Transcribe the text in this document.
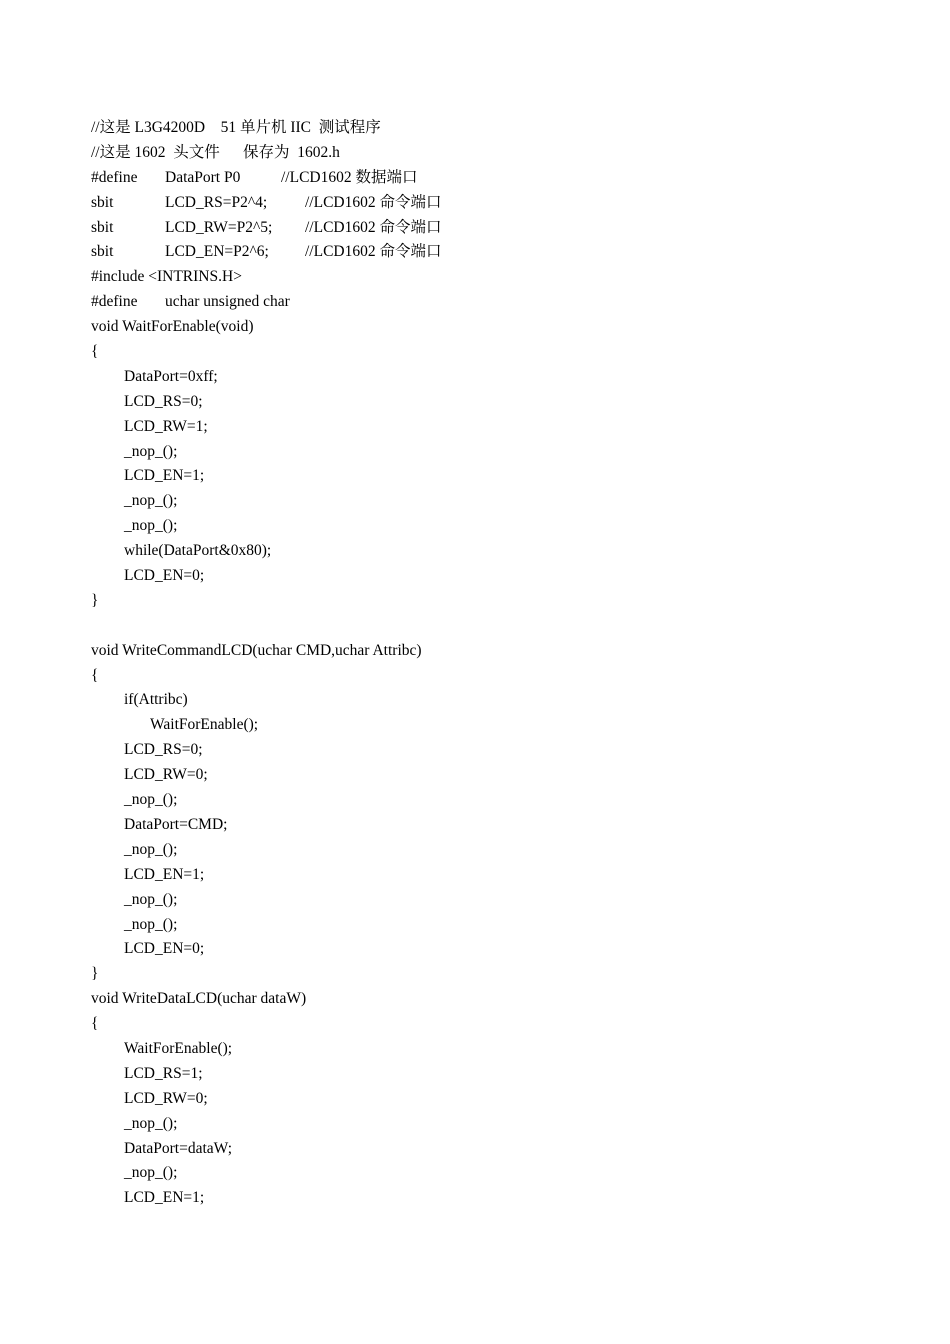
//这是 L3G4200D    51 单片机 IIC  测试程序
//这是 1602  头文件      保存为  1602.h
#define DataPort P0	//LCD1602 数据端口
sbit	LCD_RS=P2^4; //LCD1602 命令端口
sbit	LCD_RW=P2^5; //LCD1602 命令端口
sbit	LCD_EN=P2^6; //LCD1602 命令端口
#include <INTRINS.H>
#define uchar unsigned char
void WaitForEnable(void)
{
DataPort=0xff;
LCD_RS=0;
LCD_RW=1;
_nop_();
LCD_EN=1;
_nop_();
_nop_();
while(DataPort&0x80);
LCD_EN=0;
}
void WriteCommandLCD(uchar CMD,uchar Attribc)
{
if(Attribc)
WaitForEnable();
LCD_RS=0;
LCD_RW=0;
_nop_();
DataPort=CMD;
_nop_();
LCD_EN=1;
_nop_();
_nop_();
LCD_EN=0;
}
void WriteDataLCD(uchar dataW)
{
WaitForEnable();
LCD_RS=1;
LCD_RW=0;
_nop_();
DataPort=dataW;
_nop_();
LCD_EN=1;
